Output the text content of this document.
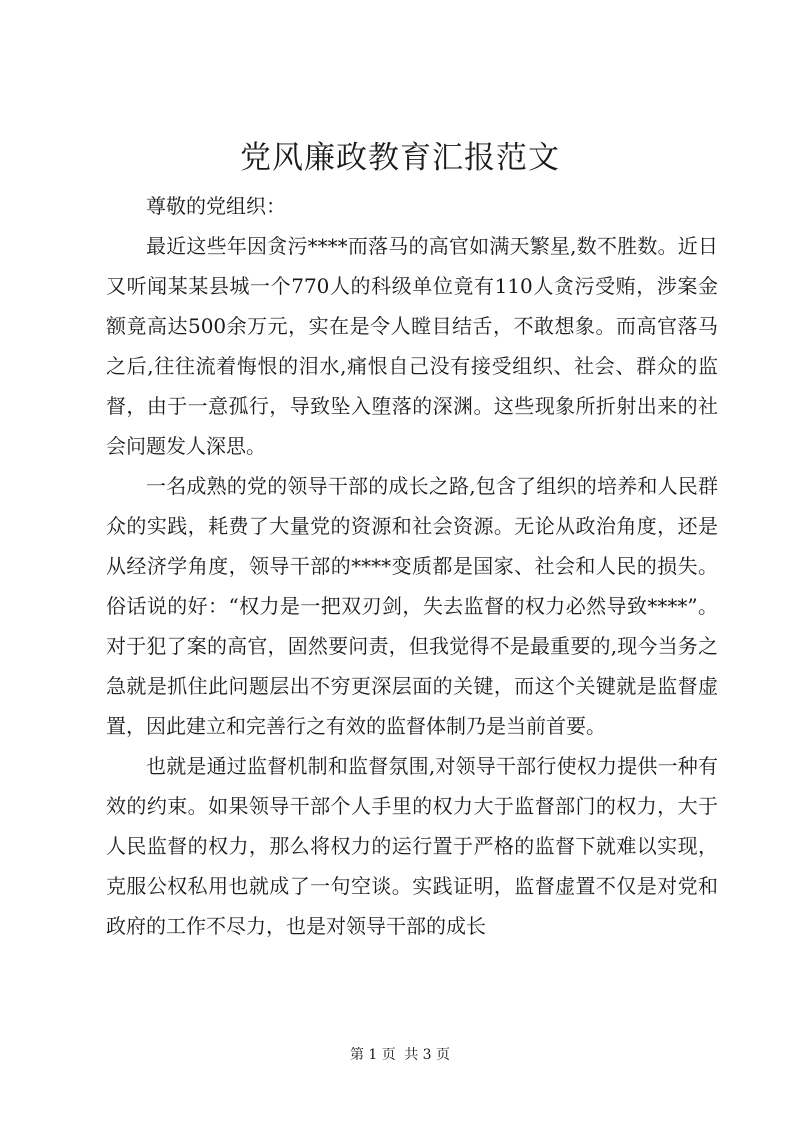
党风廉政教育汇报范文

尊敬的党组织：

最近这些年因贪污****而落马的高官如满天繁星,数不胜数。近日又听闻某某县城一个770人的科级单位竟有110人贪污受贿，涉案金额竟高达500余万元，实在是令人瞠目结舌，不敢想象。而高官落马之后,往往流着悔恨的泪水,痛恨自己没有接受组织、社会、群众的监督，由于一意孤行，导致坠入堕落的深渊。这些现象所折射出来的社会问题发人深思。

一名成熟的党的领导干部的成长之路,包含了组织的培养和人民群众的实践，耗费了大量党的资源和社会资源。无论从政治角度，还是从经济学角度，领导干部的****变质都是国家、社会和人民的损失。俗话说的好：“权力是一把双刃剑，失去监督的权力必然导致****”。对于犯了案的高官，固然要问责，但我觉得不是最重要的,现今当务之急就是抓住此问题层出不穷更深层面的关键，而这个关键就是监督虚置，因此建立和完善行之有效的监督体制乃是当前首要。

也就是通过监督机制和监督氛围,对领导干部行使权力提供一种有效的约束。如果领导干部个人手里的权力大于监督部门的权力，大于人民监督的权力，那么将权力的运行置于严格的监督下就难以实现，克服公权私用也就成了一句空谈。实践证明，监督虚置不仅是对党和政府的工作不尽力，也是对领导干部的成长

第 1 页 共 3 页
